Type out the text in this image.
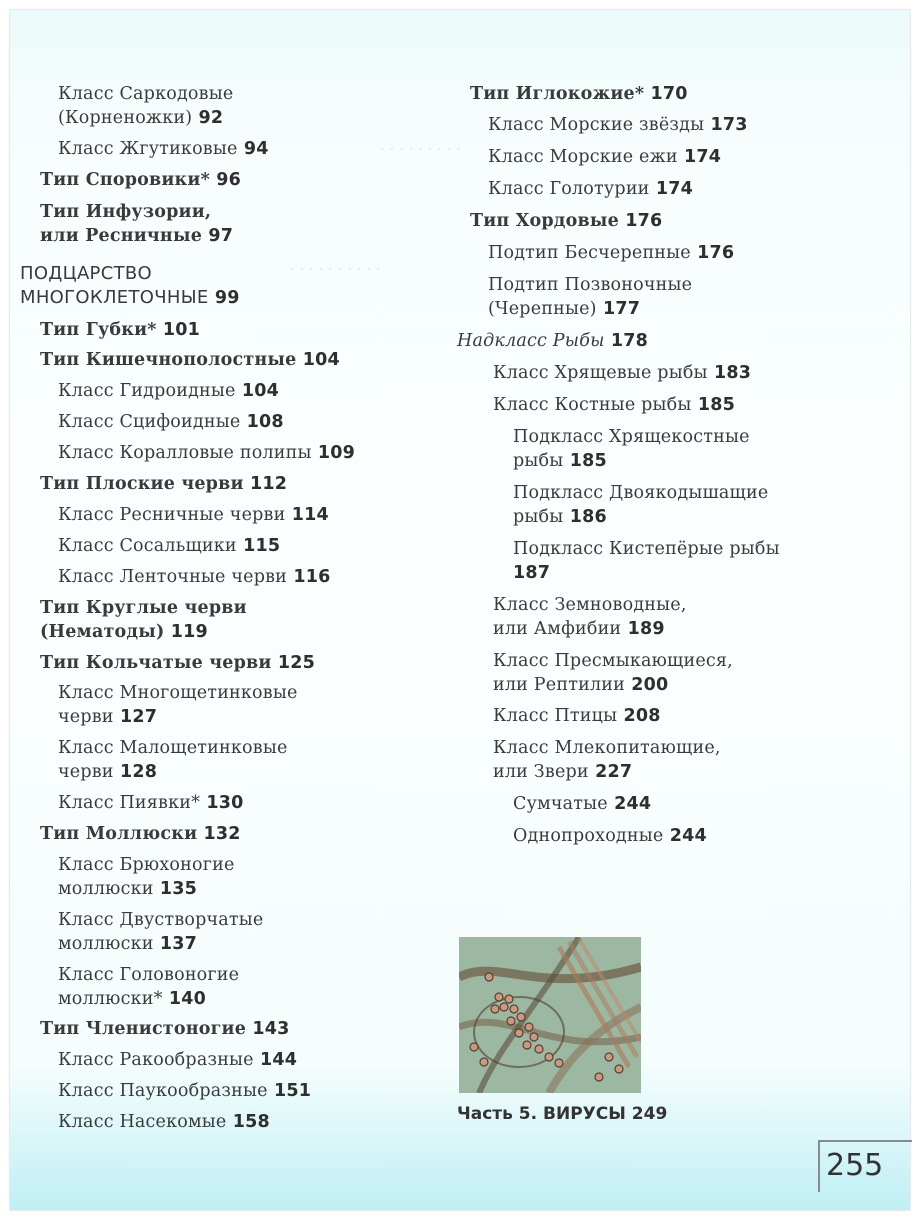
· · · · · · · · ·
· · · · · · · · · ·
Класс Саркодовые
(Корненожки) 92
Класс Жгутиковые 94
Тип Споровики* 96
Тип Инфузории,
или Ресничные 97
ПОДЦАРСТВО
МНОГОКЛЕТОЧНЫЕ 99
Тип Губки* 101
Тип Кишечнополостные 104
Класс Гидроидные 104
Класс Сцифоидные 108
Класс Коралловые полипы 109
Тип Плоские черви 112
Класс Ресничные черви 114
Класс Сосальщики 115
Класс Ленточные черви 116
Тип Круглые черви
(Нематоды) 119
Тип Кольчатые черви 125
Класс Многощетинковые
черви 127
Класс Малощетинковые
черви 128
Класс Пиявки* 130
Тип Моллюски 132
Класс Брюхоногие
моллюски 135
Класс Двустворчатые
моллюски 137
Класс Головоногие
моллюски* 140
Тип Членистоногие 143
Класс Ракообразные 144
Класс Паукообразные 151
Класс Насекомые 158
Тип Иглокожие* 170
Класс Морские звёзды 173
Класс Морские ежи 174
Класс Голотурии 174
Тип Хордовые 176
Подтип Бесчерепные 176
Подтип Позвоночные
(Черепные) 177
Надкласс Рыбы 178
Класс Хрящевые рыбы 183
Класс Костные рыбы 185
Подкласс Хрящекостные
рыбы 185
Подкласс Двоякодышащие
рыбы 186
Подкласс Кистепёрые рыбы
187
Класс Земноводные,
или Амфибии 189
Класс Пресмыкающиеся,
или Рептилии 200
Класс Птицы 208
Класс Млекопитающие,
или Звери 227
Сумчатые 244
Однопроходные 244
Часть 5. ВИРУСЫ 249
255
